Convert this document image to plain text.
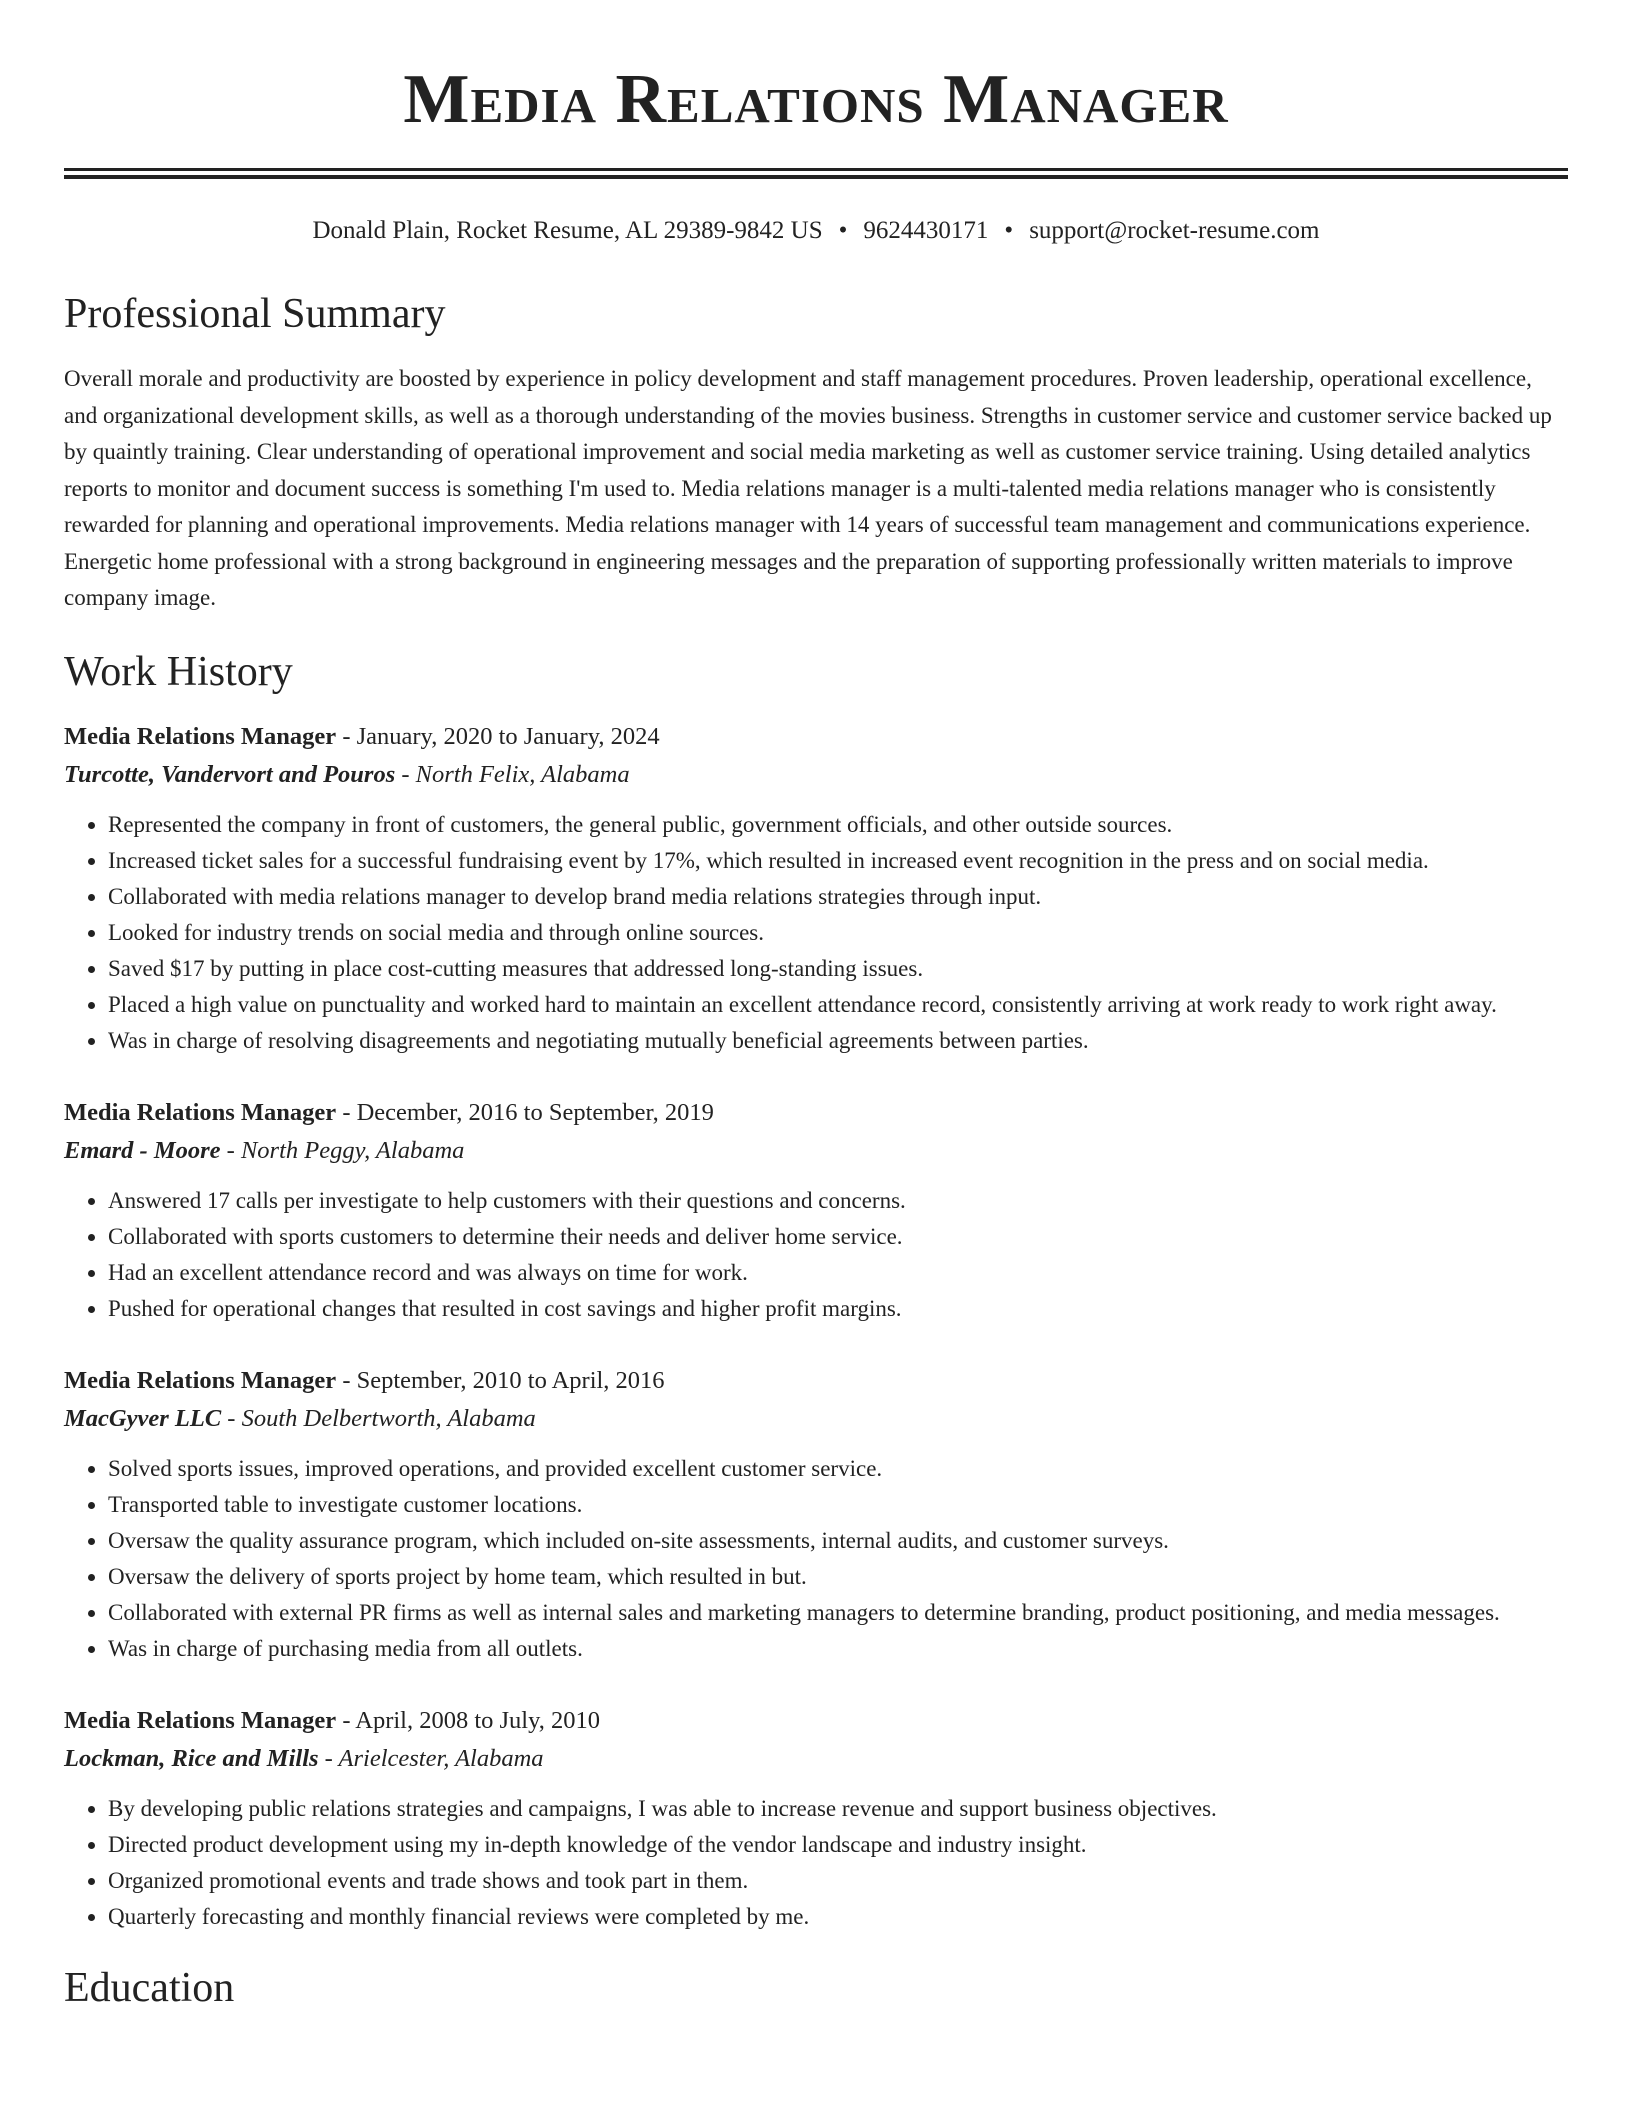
Media Relations Manager
Donald Plain, Rocket Resume, AL 29389-9842 US • 9624430171 • support@rocket-resume.com
Professional Summary

Overall morale and productivity are boosted by experience in policy development and staff management procedures. Proven leadership, operational excellence, and organizational development skills, as well as a thorough understanding of the movies business. Strengths in customer service and customer service backed up by quaintly training. Clear understanding of operational improvement and social media marketing as well as customer service training. Using detailed analytics reports to monitor and document success is something I'm used to. Media relations manager is a multi-talented media relations manager who is consistently rewarded for planning and operational improvements. Media relations manager with 14 years of successful team management and communications experience. Energetic home professional with a strong background in engineering messages and the preparation of supporting professionally written materials to improve company image.

Work History
Media Relations Manager - January, 2020 to January, 2024
Turcotte, Vandervort and Pouros - North Felix, Alabama
• Represented the company in front of customers, the general public, government officials, and other outside sources.
• Increased ticket sales for a successful fundraising event by 17%, which resulted in increased event recognition in the press and on social media.
• Collaborated with media relations manager to develop brand media relations strategies through input.
• Looked for industry trends on social media and through online sources.
• Saved $17 by putting in place cost-cutting measures that addressed long-standing issues.
• Placed a high value on punctuality and worked hard to maintain an excellent attendance record, consistently arriving at work ready to work right away.
• Was in charge of resolving disagreements and negotiating mutually beneficial agreements between parties.
Media Relations Manager - December, 2016 to September, 2019
Emard - Moore - North Peggy, Alabama
• Answered 17 calls per investigate to help customers with their questions and concerns.
• Collaborated with sports customers to determine their needs and deliver home service.
• Had an excellent attendance record and was always on time for work.
• Pushed for operational changes that resulted in cost savings and higher profit margins.
Media Relations Manager - September, 2010 to April, 2016
MacGyver LLC - South Delbertworth, Alabama
• Solved sports issues, improved operations, and provided excellent customer service.
• Transported table to investigate customer locations.
• Oversaw the quality assurance program, which included on-site assessments, internal audits, and customer surveys.
• Oversaw the delivery of sports project by home team, which resulted in but.
• Collaborated with external PR firms as well as internal sales and marketing managers to determine branding, product positioning, and media messages.
• Was in charge of purchasing media from all outlets.
Media Relations Manager - April, 2008 to July, 2010
Lockman, Rice and Mills - Arielcester, Alabama
• By developing public relations strategies and campaigns, I was able to increase revenue and support business objectives.
• Directed product development using my in-depth knowledge of the vendor landscape and industry insight.
• Organized promotional events and trade shows and took part in them.
• Quarterly forecasting and monthly financial reviews were completed by me.
Education
